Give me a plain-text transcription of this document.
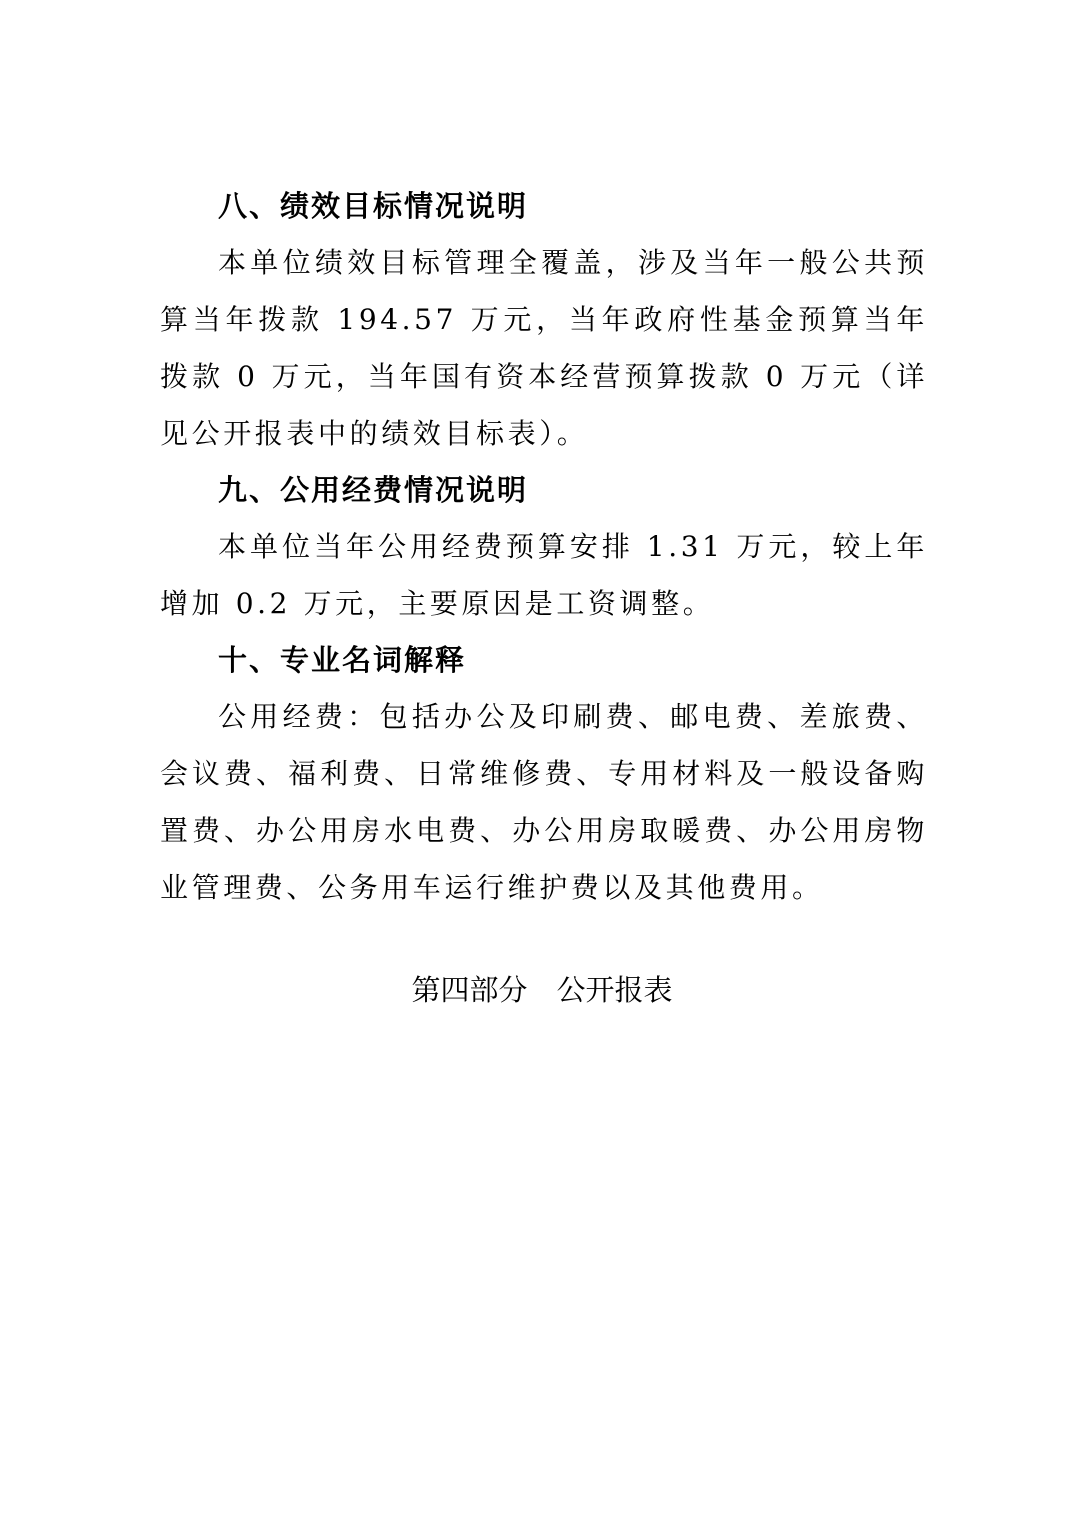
八、绩效目标情况说明

本单位绩效目标管理全覆盖，涉及当年一般公共预算当年拨款 194.57 万元，当年政府性基金预算当年拨款 0 万元，当年国有资本经营预算拨款 0 万元（详见公开报表中的绩效目标表）。

九、公用经费情况说明

本单位当年公用经费预算安排 1.31 万元，较上年增加 0.2 万元，主要原因是工资调整。

十、专业名词解释

公用经费：包括办公及印刷费、邮电费、差旅费、会议费、福利费、日常维修费、专用材料及一般设备购置费、办公用房水电费、办公用房取暖费、办公用房物业管理费、公务用车运行维护费以及其他费用。

第四部分　公开报表
